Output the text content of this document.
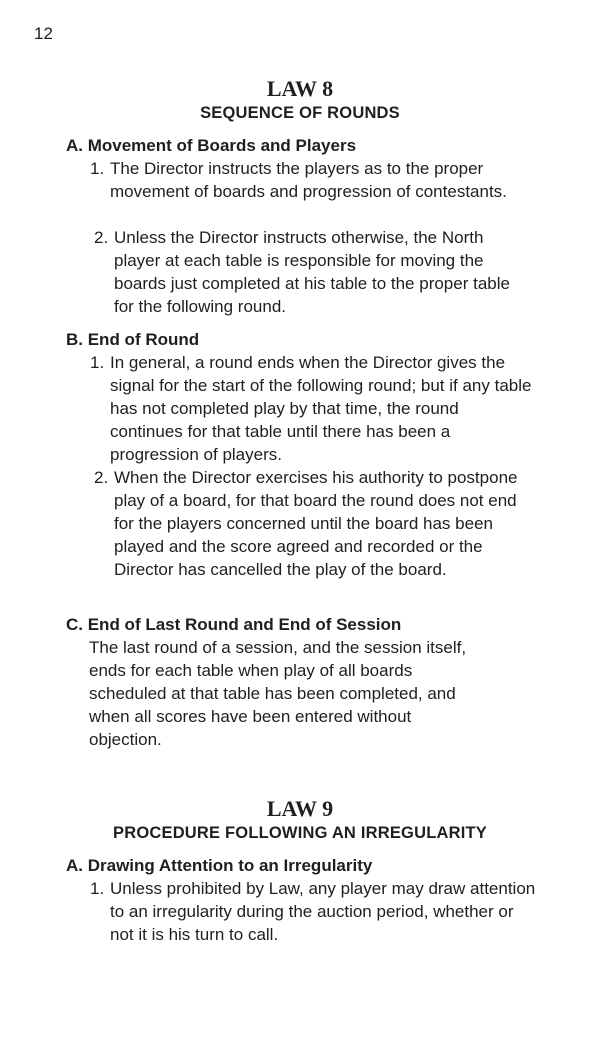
12
LAW 8
SEQUENCE OF ROUNDS
A. Movement of Boards and Players
1. The Director instructs the players as to the proper movement of boards and progression of contestants.
2. Unless the Director instructs otherwise, the North player at each table is responsible for moving the boards just completed at his table to the proper table for the following round.
B. End of Round
1. In general, a round ends when the Director gives the signal for the start of the following round; but if any table has not completed play by that time, the round continues for that table until there has been a progression of players.
2. When the Director exercises his authority to postpone play of a board, for that board the round does not end for the players concerned until the board has been played and the score agreed and recorded or the Director has cancelled the play of the board.
C. End of Last Round and End of Session

The last round of a session, and the session itself, ends for each table when play of all boards scheduled at that table has been completed, and when all scores have been entered without objection.

LAW 9
PROCEDURE FOLLOWING AN IRREGULARITY
A. Drawing Attention to an Irregularity
1. Unless prohibited by Law, any player may draw attention to an irregularity during the auction period, whether or not it is his turn to call.
